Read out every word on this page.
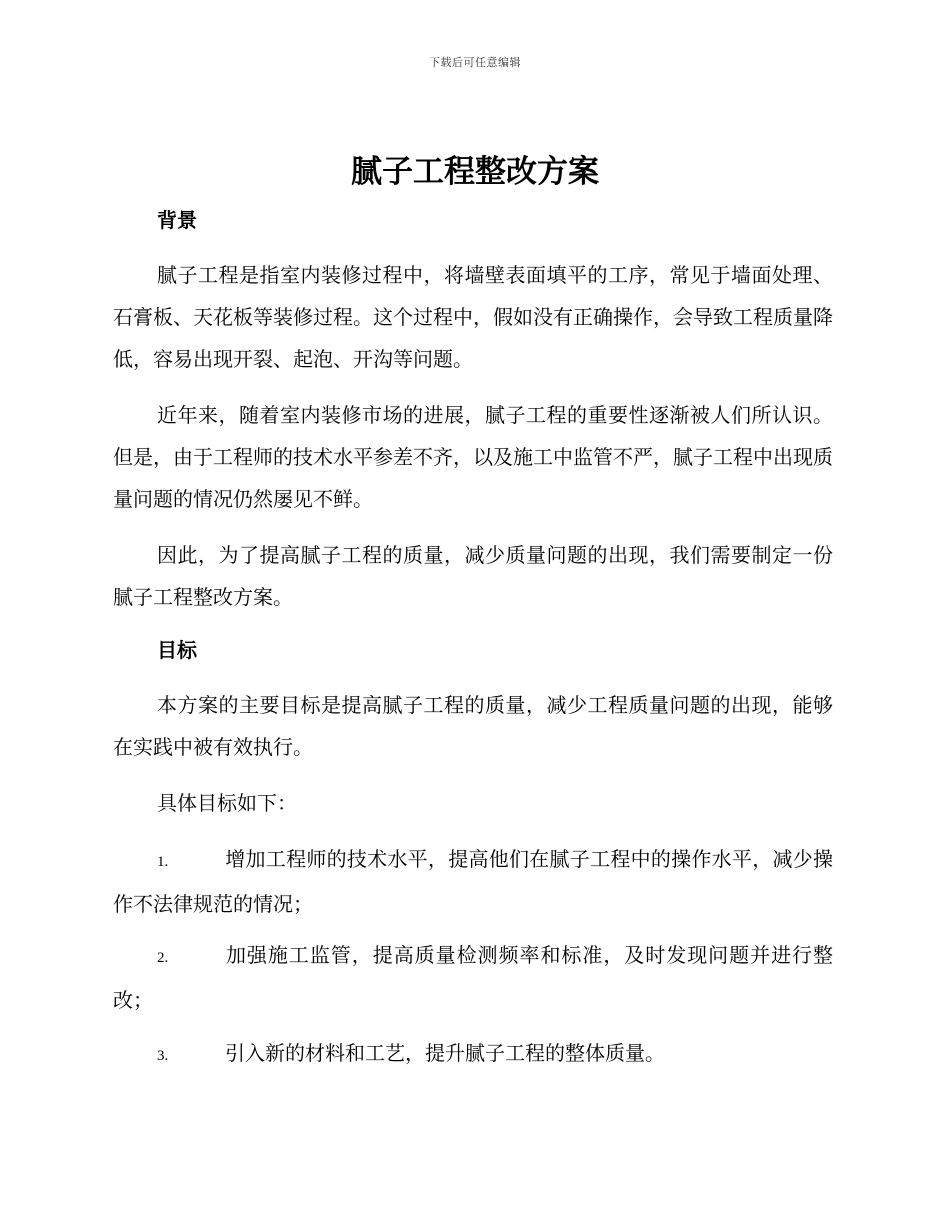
下载后可任意编辑
腻子工程整改方案
背景

腻子工程是指室内装修过程中，将墙壁表面填平的工序，常见于墙面处理、石膏板、天花板等装修过程。这个过程中，假如没有正确操作，会导致工程质量降低，容易出现开裂、起泡、开沟等问题。

近年来，随着室内装修市场的进展，腻子工程的重要性逐渐被人们所认识。但是，由于工程师的技术水平参差不齐，以及施工中监管不严，腻子工程中出现质量问题的情况仍然屡见不鲜。

因此，为了提高腻子工程的质量，减少质量问题的出现，我们需要制定一份腻子工程整改方案。

目标

本方案的主要目标是提高腻子工程的质量，减少工程质量问题的出现，能够在实践中被有效执行。

具体目标如下：

1.	增加工程师的技术水平，提高他们在腻子工程中的操作水平，减少操作不法律规范的情况；
2.	加强施工监管，提高质量检测频率和标准，及时发现问题并进行整改；
3.	引入新的材料和工艺，提升腻子工程的整体质量。
